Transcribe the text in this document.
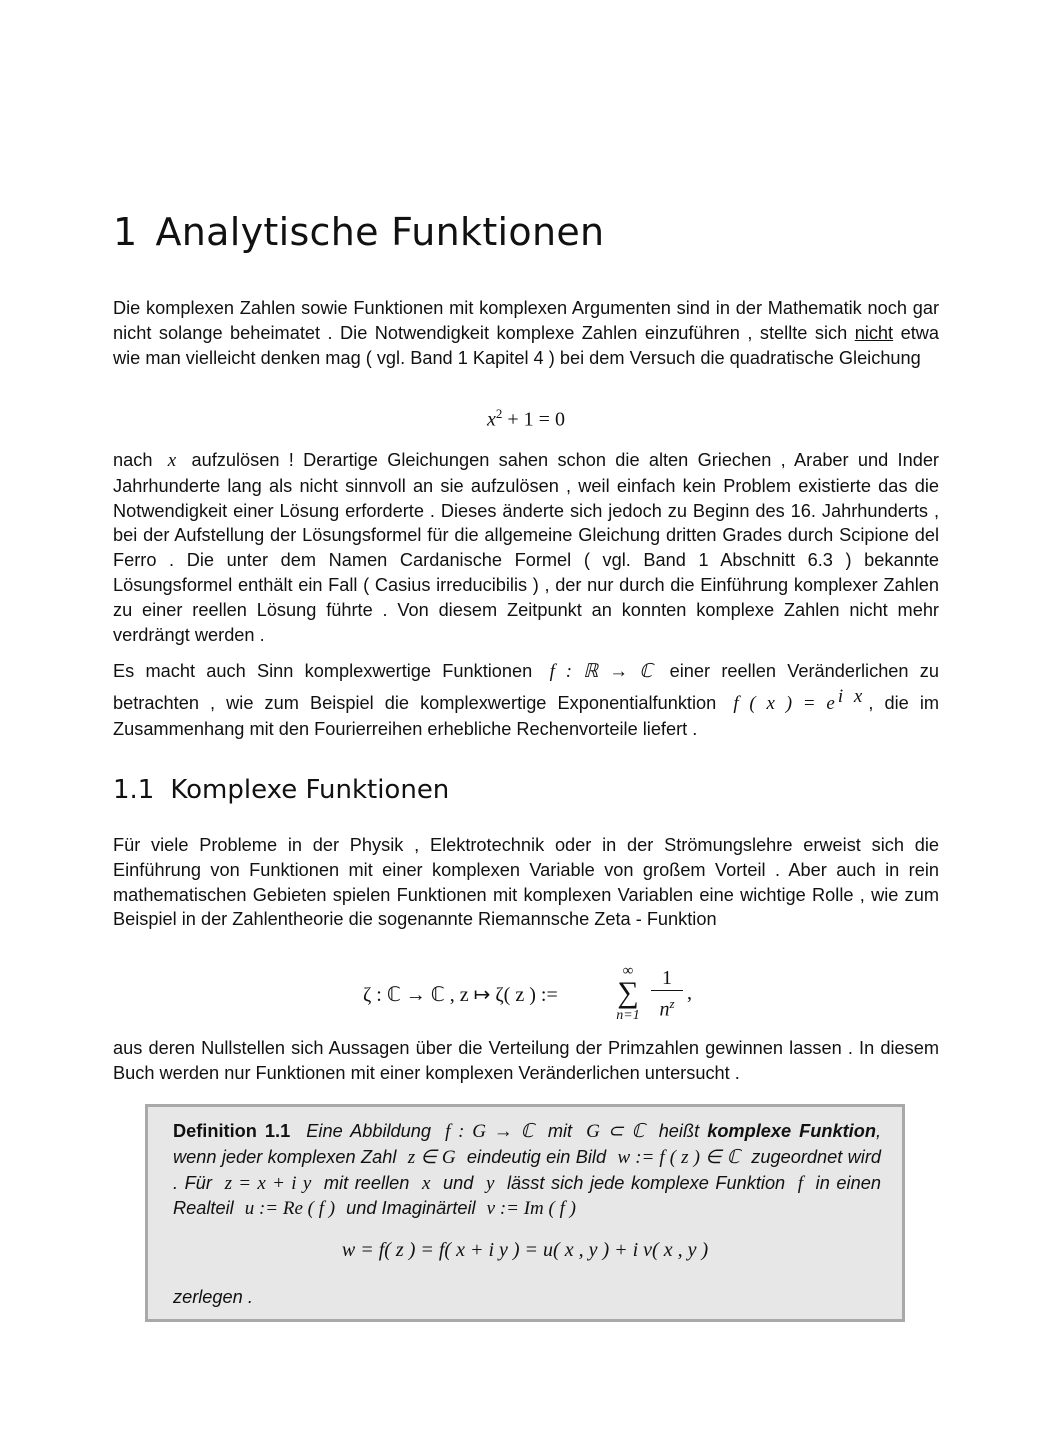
1 Analytische Funktionen

Die komplexen Zahlen sowie Funktionen mit komplexen Argumenten sind in der Mathematik noch gar nicht solange beheimatet . Die Notwendigkeit komplexe Zahlen einzuführen , stellte sich nicht etwa wie man vielleicht denken mag ( vgl. Band 1 Kapitel 4 ) bei dem Versuch die quadratische Gleichung

$x^2 + 1 = 0$

nach x aufzulösen ! Derartige Gleichungen sahen schon die alten Griechen , Araber und Inder Jahrhunderte lang als nicht sinnvoll an sie aufzulösen , weil einfach kein Problem existierte das die Notwendigkeit einer Lösung erforderte . Dieses änderte sich jedoch zu Beginn des 16. Jahrhunderts , bei der Aufstellung der Lösungsformel für die allgemeine Gleichung dritten Grades durch Scipione del Ferro . Die unter dem Namen Cardanische Formel ( vgl. Band 1 Abschnitt 6.3 ) bekannte Lösungsformel enthält ein Fall ( Casius irreducibilis ) , der nur durch die Einführung komplexer Zahlen zu einer reellen Lösung führte . Von diesem Zeitpunkt an konnten komplexe Zahlen nicht mehr verdrängt werden .

Es macht auch Sinn komplexwertige Funktionen f : ℝ → ℂ einer reellen Veränderlichen zu betrachten , wie zum Beispiel die komplexwertige Exponentialfunktion f ( x ) = e $^{i x}$ , die im Zusammenhang mit den Fourierreihen erhebliche Rechenvorteile liefert .

1.1 Komplexe Funktionen

Für viele Probleme in der Physik , Elektrotechnik oder in der Strömungslehre erweist sich die Einführung von Funktionen mit einer komplexen Variable von großem Vorteil . Aber auch in rein mathematischen Gebieten spielen Funktionen mit komplexen Variablen eine wichtige Rolle , wie zum Beispiel in der Zahlentheorie die sogenannte Riemannsche Zeta - Funktion

ζ : ℂ → ℂ , z ↦ ζ( z ) :=
∞
∑
$n=1 \frac{1}{n^z}$ ,

aus deren Nullstellen sich Aussagen über die Verteilung der Primzahlen gewinnen lassen . In diesem Buch werden nur Funktionen mit einer komplexen Veränderlichen untersucht .

Definition 1.1 Eine Abbildung f : G → ℂ mit G ⊂ ℂ heißt komplexe Funktion, wenn jeder komplexen Zahl z ∈ G eindeutig ein Bild w := f ( z ) ∈ ℂ zugeordnet wird . Für z = x + i y mit reellen x und y lässt sich jede komplexe Funktion f in einen Realteil u := Re ( f ) und Imaginärteil v := Im ( f )

w = f( z ) = f( x + i y ) = u( x , y ) + i v( x , y )
zerlegen .
